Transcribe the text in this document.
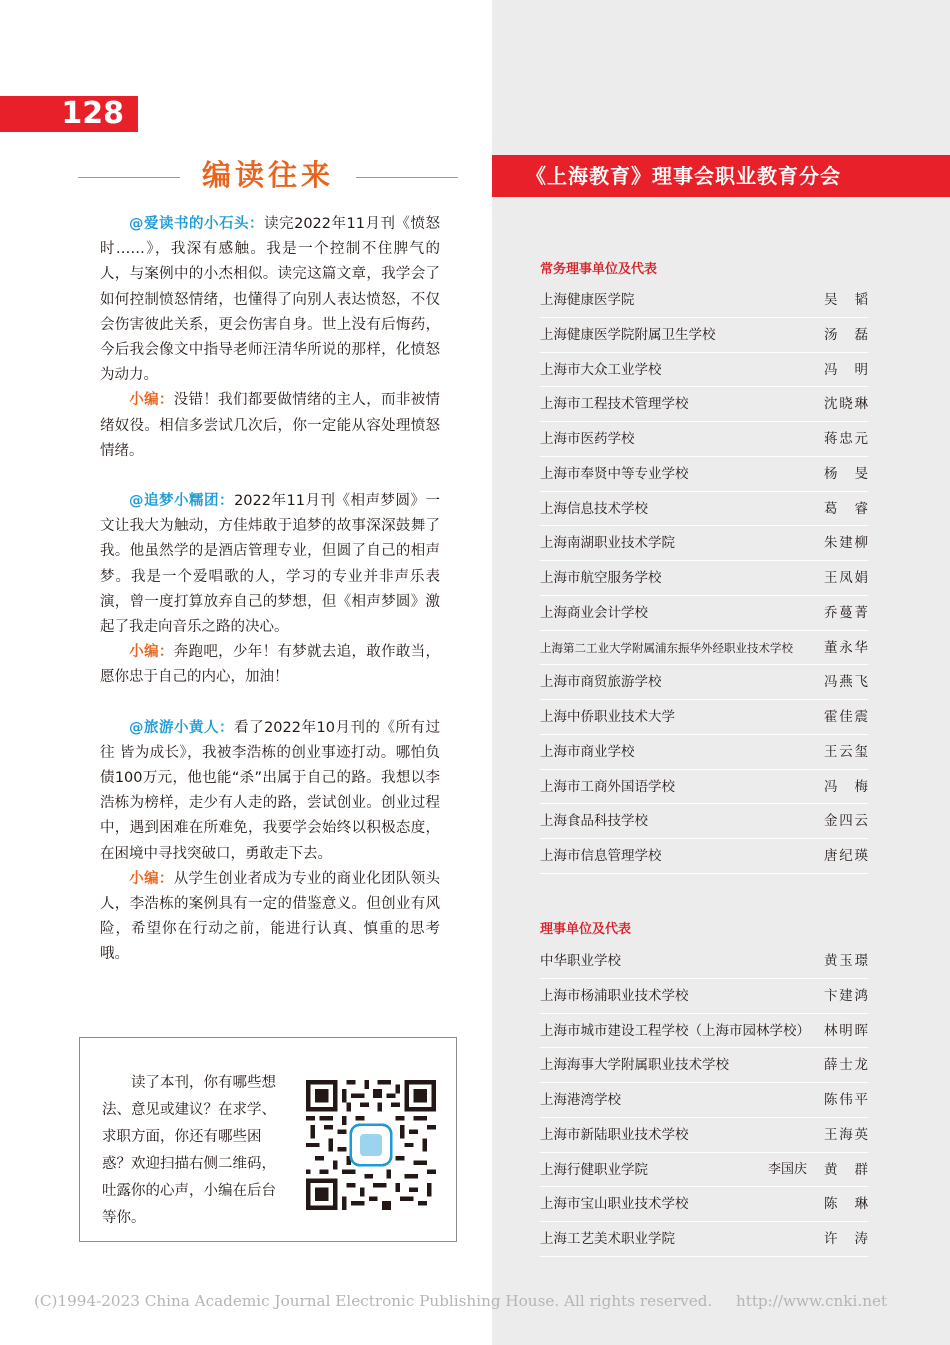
128
编读往来

@爱读书的小石头：读完2022年11月刊《愤怒时……》，我深有感触。我是一个控制不住脾气的人，与案例中的小杰相似。读完这篇文章，我学会了如何控制愤怒情绪，也懂得了向别人表达愤怒，不仅会伤害彼此关系，更会伤害自身。世上没有后悔药，今后我会像文中指导老师汪清华所说的那样，化愤怒为动力。

小编：没错！我们都要做情绪的主人，而非被情绪奴役。相信多尝试几次后，你一定能从容处理愤怒情绪。

@追梦小糯团：2022年11月刊《相声梦圆》一文让我大为触动，方佳炜敢于追梦的故事深深鼓舞了我。他虽然学的是酒店管理专业，但圆了自己的相声梦。我是一个爱唱歌的人，学习的专业并非声乐表演，曾一度打算放弃自己的梦想，但《相声梦圆》激起了我走向音乐之路的决心。

小编：奔跑吧，少年！有梦就去追，敢作敢当，愿你忠于自己的内心，加油！

@旅游小黄人：看了2022年10月刊的《所有过往 皆为成长》，我被李浩栋的创业事迹打动。哪怕负债100万元，他也能“杀”出属于自己的路。我想以李浩栋为榜样，走少有人走的路，尝试创业。创业过程中，遇到困难在所难免，我要学会始终以积极态度，在困境中寻找突破口，勇敢走下去。

小编：从学生创业者成为专业的商业化团队领头人，李浩栋的案例具有一定的借鉴意义。但创业有风险，希望你在行动之前，能进行认真、慎重的思考哦。

读了本刊，你有哪些想法、意见或建议？在求学、求职方面，你还有哪些困惑？欢迎扫描右侧二维码，吐露你的心声，小编在后台等你。
《上海教育》理事会职业教育分会
常务理事单位及代表
上海健康医学院	吴韬
上海健康医学院附属卫生学校	汤磊
上海市大众工业学校	冯明
上海市工程技术管理学校	沈晓琳
上海市医药学校	蒋忠元
上海市奉贤中等专业学校	杨旻
上海信息技术学校	葛睿
上海南湖职业技术学院	朱建柳
上海市航空服务学校	王凤娟
上海商业会计学校	乔蔓菁
上海第二工业大学附属浦东振华外经职业技术学校 董永华
上海市商贸旅游学校	冯燕飞
上海中侨职业技术大学	霍佳震
上海市商业学校	王云玺
上海市工商外国语学校	冯梅
上海食品科技学校	金四云
上海市信息管理学校	唐纪瑛
理事单位及代表
中华职业学校	黄玉璟
上海市杨浦职业技术学校	卞建鸿
上海市城市建设工程学校（上海市园林学校） 林明晖
上海海事大学附属职业技术学校	薛士龙
上海港湾学校	陈伟平
上海市新陆职业技术学校	王海英
上海行健职业学院	李国庆 黄群
上海市宝山职业技术学校	陈琳
上海工艺美术职业学院	许涛
(C)1994-2023 China Academic Journal Electronic Publishing House. All rights reserved. http://www.cnki.net
